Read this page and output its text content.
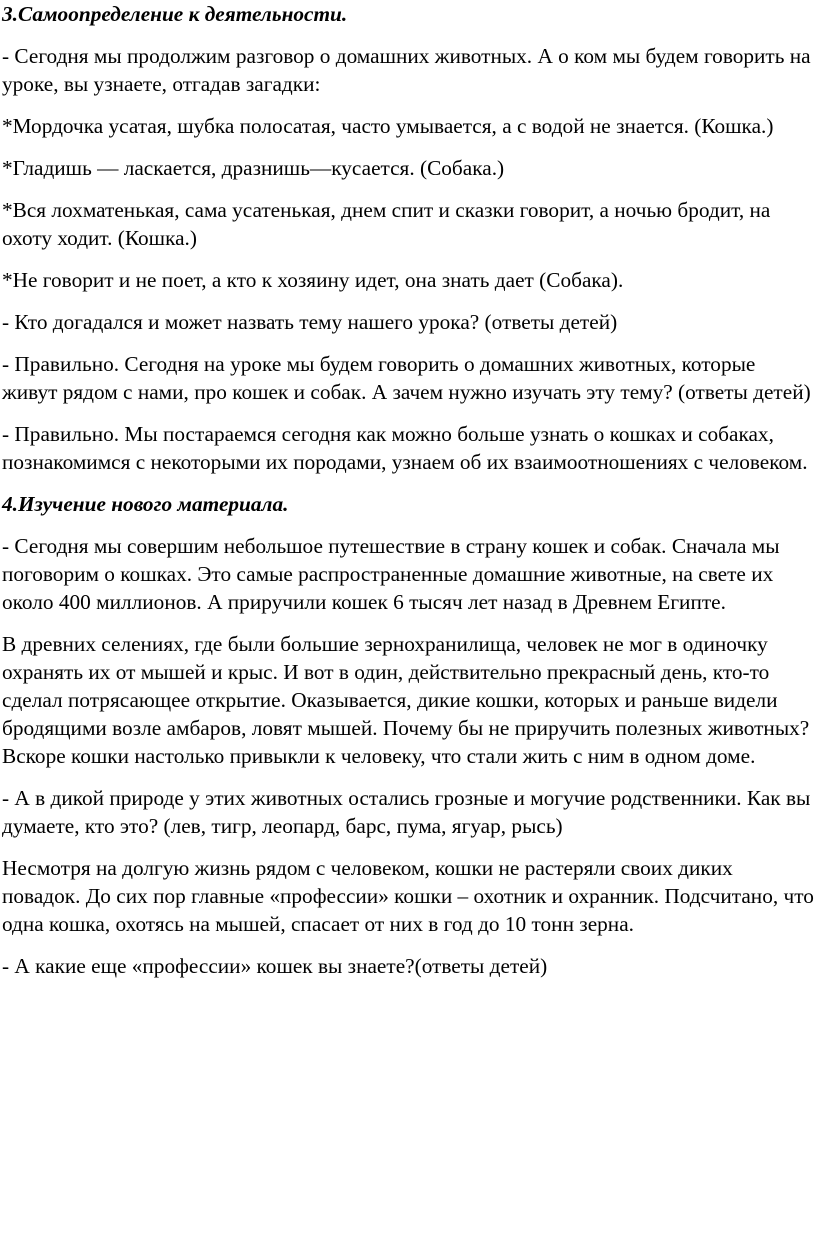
3.Самоопределение к деятельности.
- Сегодня мы продолжим разговор о домашних животных. А о ком мы будем говорить на уроке, вы узнаете, отгадав загадки:
*Мордочка усатая, шубка полосатая, часто умывается, а с водой не знается. (Кошка.)
*Гладишь — ласкается, дразнишь—кусается. (Собака.)
*Вся лохматенькая, сама усатенькая, днем спит и сказки говорит, а ночью бродит, на охоту ходит. (Кошка.)
*Не говорит и не поет, а кто к хозяину идет, она знать дает (Собака).
- Кто догадался и может назвать тему нашего урока? (ответы детей)
- Правильно. Сегодня на уроке мы будем говорить о домашних животных, которые живут рядом с нами, про кошек и собак. А зачем нужно изучать эту тему? (ответы детей)
- Правильно. Мы постараемся сегодня как можно больше узнать о кошках и собаках, познакомимся с некоторыми их породами, узнаем об их взаимоотношениях с человеком.
4.Изучение нового материала.
- Сегодня мы совершим небольшое путешествие в страну кошек и собак. Сначала мы поговорим о кошках. Это самые распространенные домашние животные, на свете их около 400 миллионов. А приручили кошек 6 тысяч лет назад в Древнем Египте.
В древних селениях, где были большие зернохранилища, человек не мог в одиночку охранять их от мышей и крыс. И вот в один, действительно прекрасный день, кто-то сделал потрясающее открытие. Оказывается, дикие кошки, которых и раньше видели бродящими возле амбаров, ловят мышей. Почему бы не приручить полезных животных? Вскоре кошки настолько привыкли к человеку, что стали жить с ним в одном доме.
- А в дикой природе у этих животных остались грозные и могучие родственники. Как вы думаете, кто это? (лев, тигр, леопард, барс, пума, ягуар, рысь)
Несмотря на долгую жизнь рядом с человеком, кошки не растеряли своих диких повадок. До сих пор главные «профессии» кошки – охотник и охранник. Подсчитано, что одна кошка, охотясь на мышей, спасает от них в год до 10 тонн зерна.
- А какие еще «профессии» кошек вы знаете?(ответы детей)
